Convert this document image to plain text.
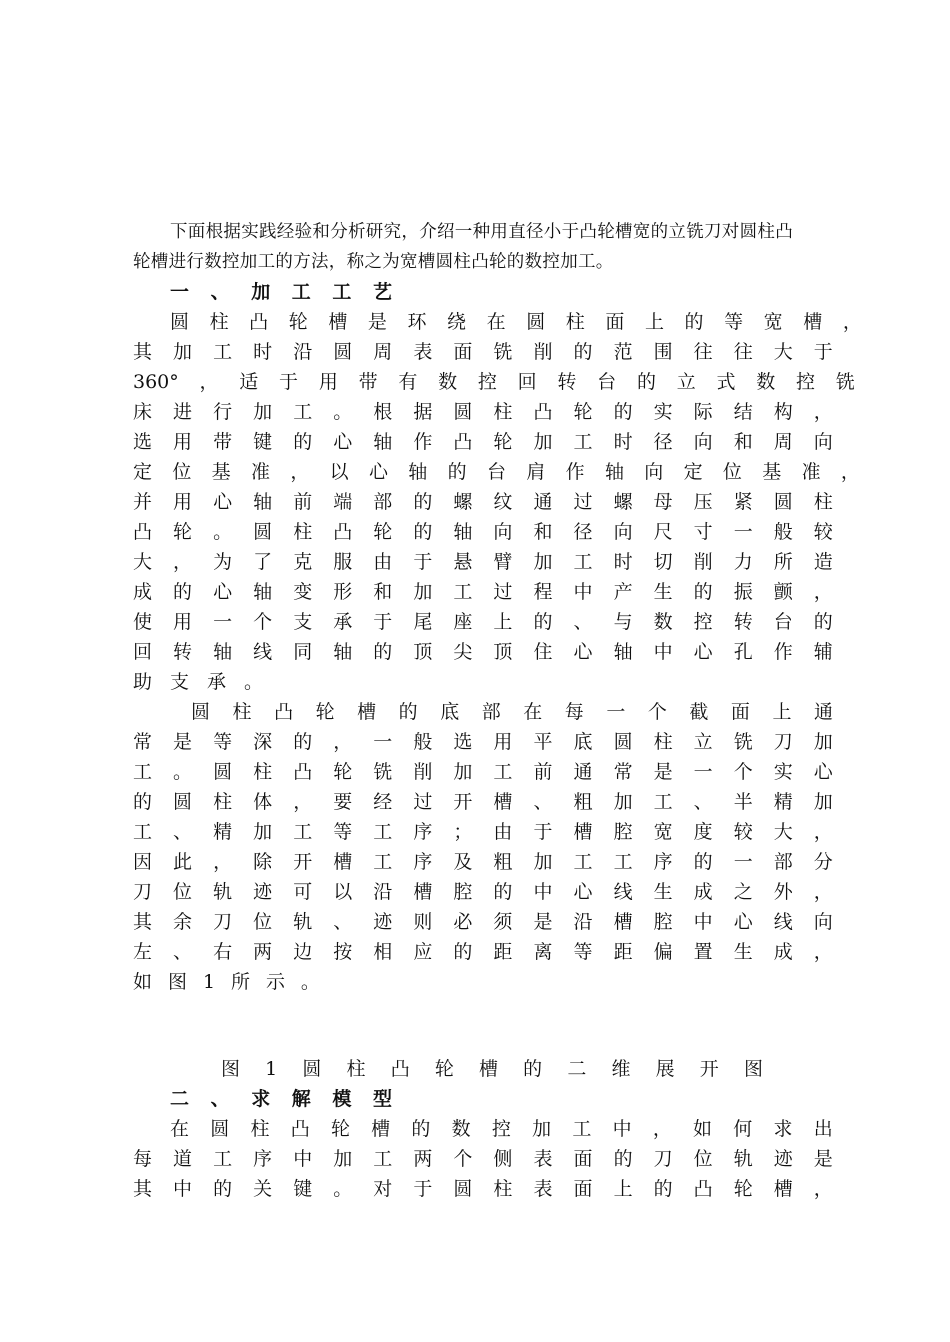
下面根据实践经验和分析研究，介绍一种用直径小于凸轮槽宽的立铣刀对圆柱凸
轮槽进行数控加工的方法，称之为宽槽圆柱凸轮的数控加工。
一 、 加 工 工 艺
圆 柱 凸 轮 槽 是 环 绕 在 圆 柱 面 上 的 等 宽 槽 ，
其 加 工 时 沿 圆 周 表 面 铣 削 的 范 围 往 往 大 于
360° ， 适 于 用 带 有 数 控 回 转 台 的 立 式 数 控 铣
床 进 行 加 工 。 根 据 圆 柱 凸 轮 的 实 际 结 构 ，
选 用 带 键 的 心 轴 作 凸 轮 加 工 时 径 向 和 周 向
定 位 基 准 ， 以 心 轴 的 台 肩 作 轴 向 定 位 基 准 ，
并 用 心 轴 前 端 部 的 螺 纹 通 过 螺 母 压 紧 圆 柱
凸 轮 。 圆 柱 凸 轮 的 轴 向 和 径 向 尺 寸 一 般 较
大 ， 为 了 克 服 由 于 悬 臂 加 工 时 切 削 力 所 造
成 的 心 轴 变 形 和 加 工 过 程 中 产 生 的 振 颤 ，
使 用 一 个 支 承 于 尾 座 上 的 、 与 数 控 转 台 的
回 转 轴 线 同 轴 的 顶 尖 顶 住 心 轴 中 心 孔 作 辅
助 支 承 。
圆 柱 凸 轮 槽 的 底 部 在 每 一 个 截 面 上 通
常 是 等 深 的 ， 一 般 选 用 平 底 圆 柱 立 铣 刀 加
工 。 圆 柱 凸 轮 铣 削 加 工 前 通 常 是 一 个 实 心
的 圆 柱 体 ， 要 经 过 开 槽 、 粗 加 工 、 半 精 加
工 、 精 加 工 等 工 序 ； 由 于 槽 腔 宽 度 较 大 ，
因 此 ， 除 开 槽 工 序 及 粗 加 工 工 序 的 一 部 分
刀 位 轨 迹 可 以 沿 槽 腔 的 中 心 线 生 成 之 外 ，
其 余 刀 位 轨 、 迹 则 必 须 是 沿 槽 腔 中 心 线 向
左 、 右 两 边 按 相 应 的 距 离 等 距 偏 置 生 成 ，
如 图 1 所 示 。
图 1 圆 柱 凸 轮 槽 的 二 维 展 开 图
二 、 求 解 模 型
在 圆 柱 凸 轮 槽 的 数 控 加 工 中 ， 如 何 求 出
每 道 工 序 中 加 工 两 个 侧 表 面 的 刀 位 轨 迹 是
其 中 的 关 键 。 对 于 圆 柱 表 面 上 的 凸 轮 槽 ，
